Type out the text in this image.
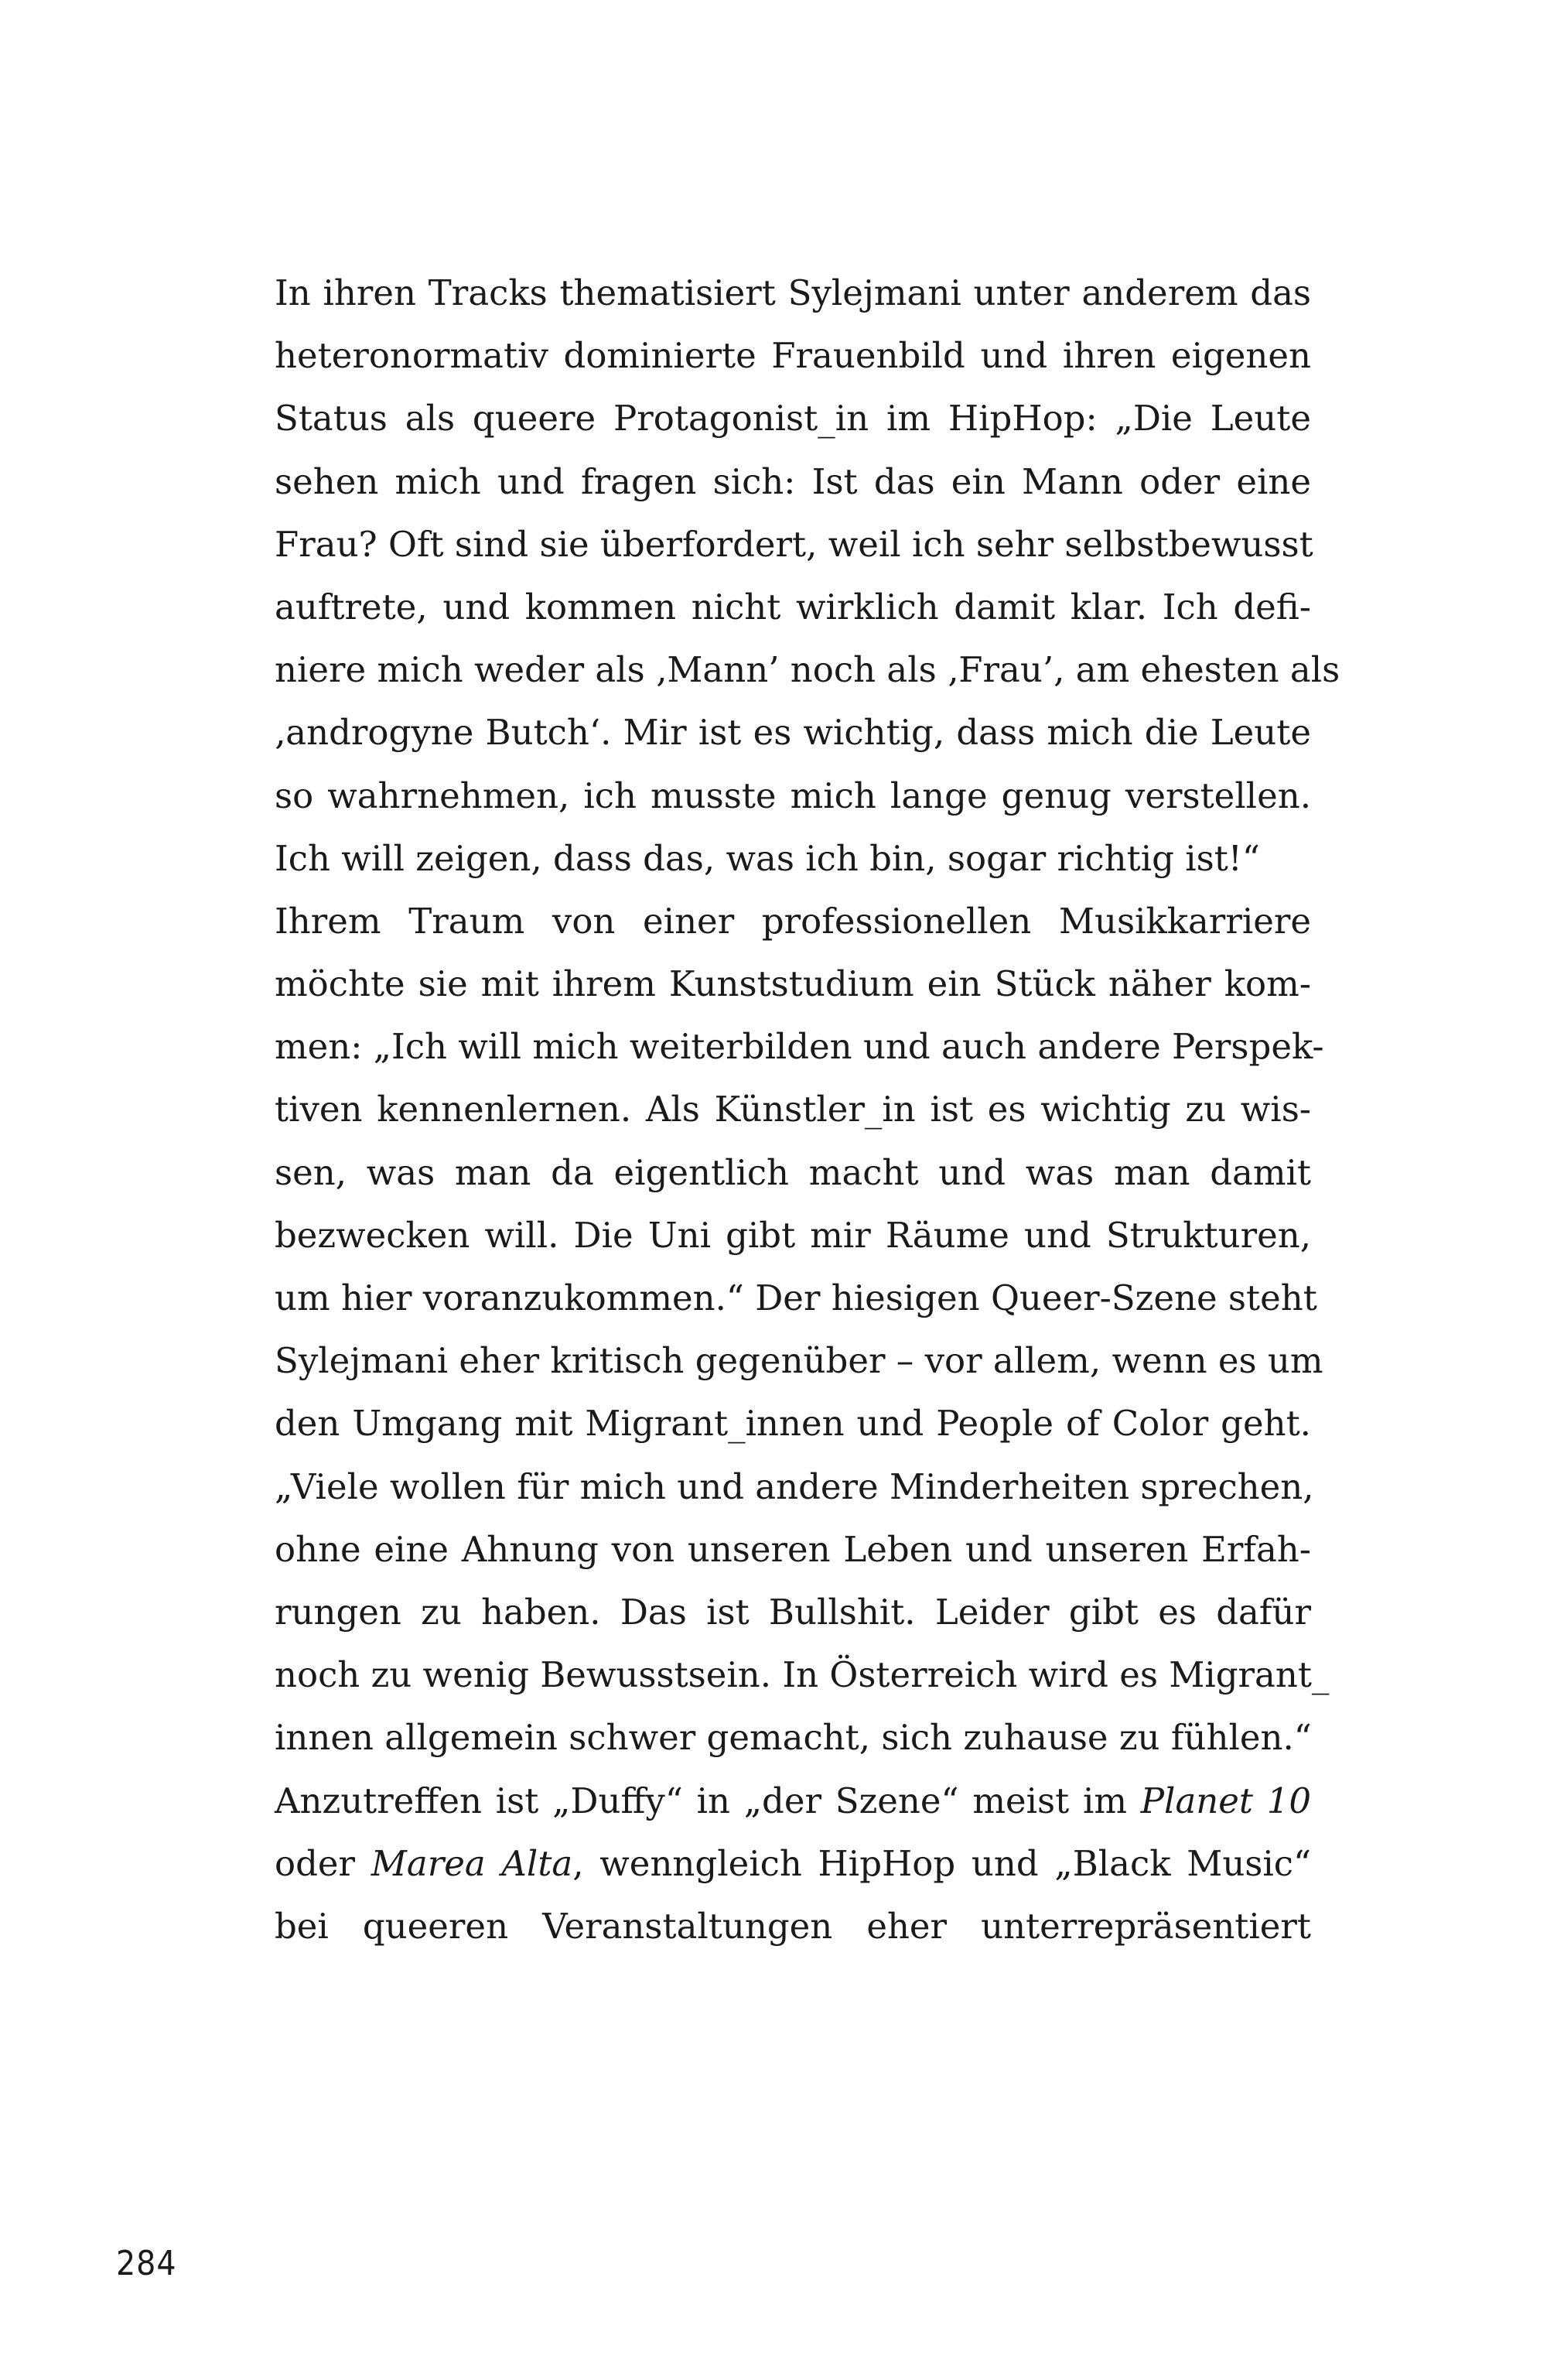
In ihren Tracks thematisiert Sylejmani unter anderem das
heteronormativ dominierte Frauenbild und ihren eigenen
Status als queere Protagonist_in im HipHop: „Die Leute
sehen mich und fragen sich: Ist das ein Mann oder eine
Frau? Oft sind sie überfordert, weil ich sehr selbstbewusst
auftrete, und kommen nicht wirklich damit klar. Ich defi-
niere mich weder als ‚Mann’ noch als ‚Frau’, am ehesten als
‚androgyne Butch‘. Mir ist es wichtig, dass mich die Leute
so wahrnehmen, ich musste mich lange genug verstellen.
Ich will zeigen, dass das, was ich bin, sogar richtig ist!“
Ihrem Traum von einer professionellen Musikkarriere
möchte sie mit ihrem Kunststudium ein Stück näher kom-
men: „Ich will mich weiterbilden und auch andere Perspek-
tiven kennenlernen. Als Künstler_in ist es wichtig zu wis-
sen, was man da eigentlich macht und was man damit
bezwecken will. Die Uni gibt mir Räume und Strukturen,
um hier voranzukommen.“ Der hiesigen Queer-Szene steht
Sylejmani eher kritisch gegenüber – vor allem, wenn es um
den Umgang mit Migrant_innen und People of Color geht.
„Viele wollen für mich und andere Minderheiten sprechen,
ohne eine Ahnung von unseren Leben und unseren Erfah-
rungen zu haben. Das ist Bullshit. Leider gibt es dafür
noch zu wenig Bewusstsein. In Österreich wird es Migrant_
innen allgemein schwer gemacht, sich zuhause zu fühlen.“
Anzutreffen ist „Duffy“ in „der Szene“ meist im Planet 10
oder Marea Alta, wenngleich HipHop und „Black Music“
bei queeren Veranstaltungen eher unterrepräsentiert
284
